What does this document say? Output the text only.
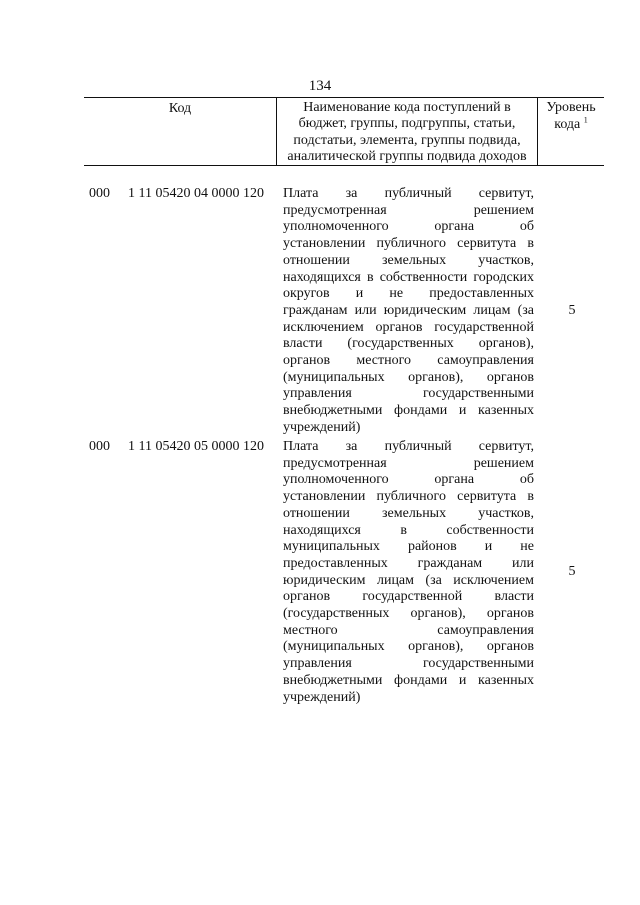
134
Код	Наименование кода поступлений в
бюджет, группы, подгруппы, статьи,
подстатьи, элемента, группы подвида,
аналитической группы подвида доходов
Уровень
кода $^1$
000 1 11 05420 04 0000 120 Плата за публичный сервитут,
предусмотренная решением
уполномоченного органа об
установлении публичного сервитута в
отношении земельных участков,
находящихся в собственности городских
округов и не предоставленных
гражданам или юридическим лицам (за
исключением органов государственной
власти (государственных органов),
органов местного самоуправления
(муниципальных органов), органов
управления государственными
внебюджетными фондами и казенных
учреждений)
5
000 1 11 05420 05 0000 120 Плата за публичный сервитут,
предусмотренная решением
уполномоченного органа об
установлении публичного сервитута в
отношении земельных участков,
находящихся в собственности
муниципальных районов и не
предоставленных гражданам или
юридическим лицам (за исключением
органов государственной власти
(государственных органов), органов
местного самоуправления
(муниципальных органов), органов
управления государственными
внебюджетными фондами и казенных
учреждений)
5
